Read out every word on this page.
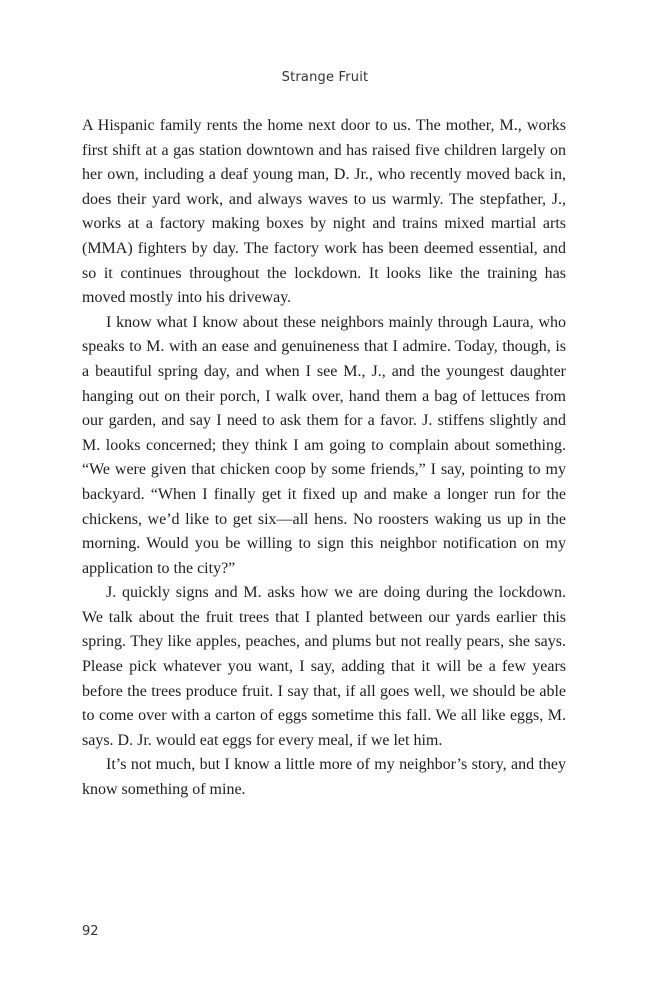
Strange Fruit

A Hispanic family rents the home next door to us. The mother, M., works first shift at a gas station downtown and has raised five children largely on her own, including a deaf young man, D. Jr., who recently moved back in, does their yard work, and always waves to us warmly. The stepfather, J., works at a factory making boxes by night and trains mixed martial arts (MMA) fighters by day. The factory work has been deemed essential, and so it continues throughout the lockdown. It looks like the training has moved mostly into his driveway.

I know what I know about these neighbors mainly through Laura, who speaks to M. with an ease and genuineness that I admire. Today, though, is a beautiful spring day, and when I see M., J., and the youngest daughter hanging out on their porch, I walk over, hand them a bag of lettuces from our garden, and say I need to ask them for a favor. J. stiffens slightly and M. looks concerned; they think I am going to complain about something. “We were given that chicken coop by some friends,” I say, pointing to my backyard. “When I finally get it fixed up and make a longer run for the chickens, we’d like to get six—all hens. No roosters waking us up in the morning. Would you be willing to sign this neighbor notification on my application to the city?”

J. quickly signs and M. asks how we are doing during the lockdown. We talk about the fruit trees that I planted between our yards earlier this spring. They like apples, peaches, and plums but not really pears, she says. Please pick whatever you want, I say, adding that it will be a few years before the trees produce fruit. I say that, if all goes well, we should be able to come over with a carton of eggs sometime this fall. We all like eggs, M. says. D. Jr. would eat eggs for every meal, if we let him.

It’s not much, but I know a little more of my neighbor’s story, and they know something of mine.

92
